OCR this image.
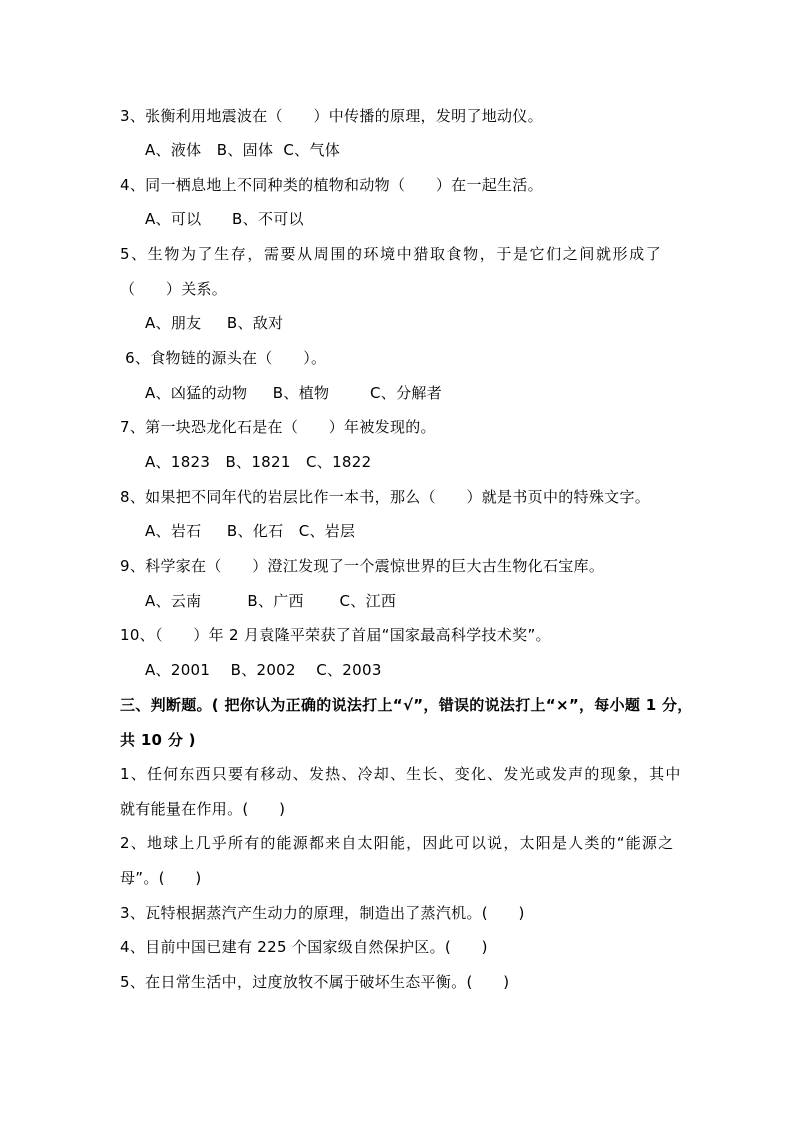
3、张衡利用地震波在（　　）中传播的原理，发明了地动仪。
A、液体　B、固体  C、气体
4、同一栖息地上不同种类的植物和动物（　　）在一起生活。
A、可以　　B、不可以
5、生物为了生存，需要从周围的环境中猎取食物，于是它们之间就形成了
（　　）关系。
A、朋友　  B、敌对
6、食物链的源头在（　　）。
A、凶猛的动物　  B、植物　　  C、分解者
7、第一块恐龙化石是在（　　）年被发现的。
A、1823   B、1821　C、1822
8、如果把不同年代的岩层比作一本书，那么（　　）就是书页中的特殊文字。
A、岩石　  B、化石　C、岩层
9、科学家在（　　）澄江发现了一个震惊世界的巨大古生物化石宝库。
A、云南　　　B、广西　　 C、江西
10、（　　）年 2 月袁隆平荣获了首届“国家最高科学技术奖”。
A、2001　 B、2002　 C、2003
三、判断题。( 把你认为正确的说法打上“√”，错误的说法打上“×”，每小题 1 分，
共 10 分 )
1、任何东西只要有移动、发热、冷却、生长、变化、发光或发声的现象，其中
就有能量在作用。(　　)
2、地球上几乎所有的能源都来自太阳能，因此可以说，太阳是人类的“能源之
母”。(　　)
3、瓦特根据蒸汽产生动力的原理，制造出了蒸汽机。(　　)
4、目前中国已建有 225 个国家级自然保护区。(　　)
5、在日常生活中，过度放牧不属于破坏生态平衡。(　　)
